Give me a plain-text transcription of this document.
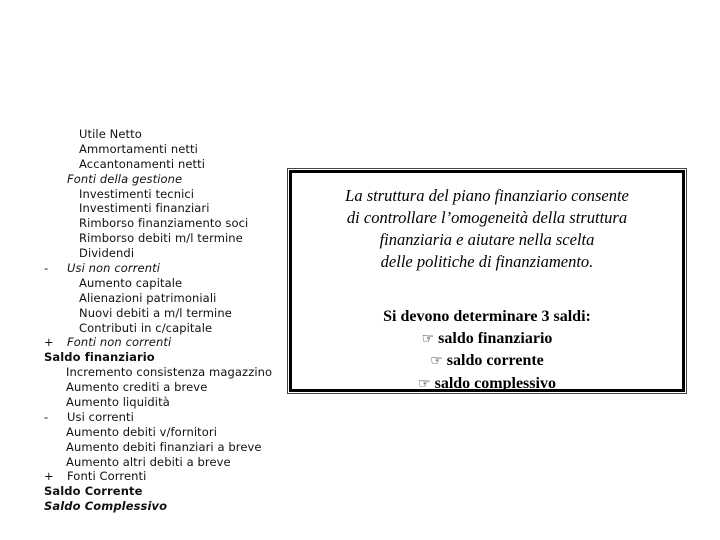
Utile Netto
Ammortamenti netti
Accantonamenti netti
Fonti della gestione
Investimenti tecnici
Investimenti finanziari
Rimborso finanziamento soci
Rimborso debiti m/l termine
Dividendi
-	Usi non correnti
Aumento capitale
Alienazioni patrimoniali
Nuovi debiti a m/l termine
Contributi in c/capitale
+	Fonti non correnti
Saldo finanziario
Incremento consistenza magazzino
Aumento crediti a breve
Aumento liquidità
-	Usi correnti
Aumento debiti v/fornitori
Aumento debiti finanziari a breve
Aumento altri debiti a breve
+	Fonti Correnti
Saldo Corrente
Saldo Complessivo
La struttura del piano finanziario consente
di controllare l’omogeneità della struttura
finanziaria e aiutare nella scelta
delle politiche di finanziamento.
Si devono determinare 3 saldi:
☞ saldo finanziario
☞ saldo corrente
☞ saldo complessivo
